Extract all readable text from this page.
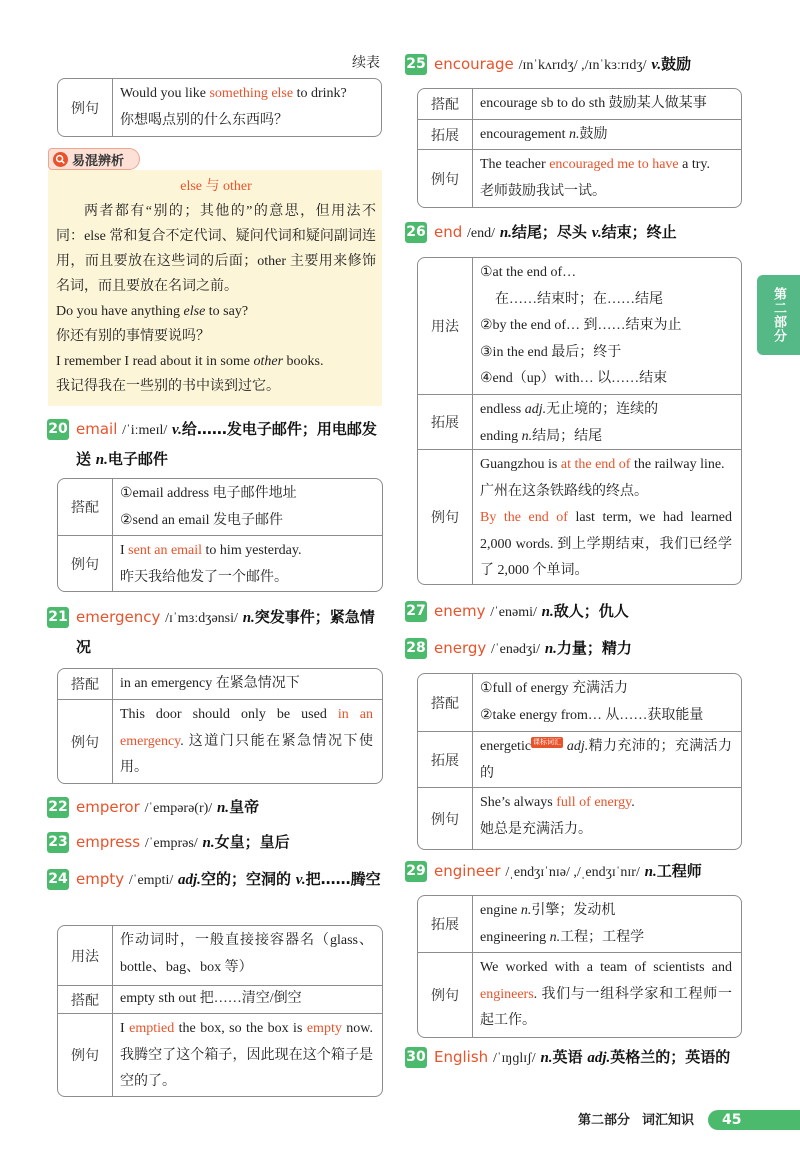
续表
例句
Would you like something else to drink?
你想喝点别的什么东西吗？
易混辨析
else 与 other
两者都有“别的；其他的”的意思，但用法不同：else 常和复合不定代词、疑问代词和疑问副词连用，而且要放在这些词的后面；other 主要用来修饰名词，而且要放在名词之前。
Do you have anything else to say?
你还有别的事情要说吗？
I remember I read about it in some other books.
我记得我在一些别的书中读到过它。
20 email /ˈiːmeɪl/ v.给……发电子邮件；用电邮发送 n.电子邮件
搭配
①email address 电子邮件地址
②send an email 发电子邮件
例句
I sent an email to him yesterday.
昨天我给他发了一个邮件。
21 emergency /ɪˈmɜːdʒənsi/ n.突发事件；紧急情况
搭配	in an emergency 在紧急情况下
例句
This door should only be used in an emergency. 这道门只能在紧急情况下使用。
22 emperor /ˈempərə(r)/ n.皇帝
23 empress /ˈemprəs/ n.女皇；皇后
24 empty /ˈempti/ adj.空的；空洞的 v.把……腾空
用法
作动词时，一般直接接容器名（glass、bottle、bag、box 等）
搭配	empty sth out 把……清空/倒空
例句
I emptied the box, so the box is empty now. 我腾空了这个箱子，因此现在这个箱子是空的了。
25 encourage /ɪnˈkʌrɪdʒ/ ,/ɪnˈkɜːrɪdʒ/ v.鼓励
搭配	encourage sb to do sth 鼓励某人做某事
拓展	encouragement n.鼓励
例句
The teacher encouraged me to have a try.
老师鼓励我试一试。
26 end /end/ n.结尾；尽头 v.结束；终止
用法
①at the end of…
在……结束时；在……结尾
②by the end of… 到……结束为止
③in the end 最后；终于
④end（up）with… 以……结束
拓展
endless adj.无止境的；连续的
ending n.结局；结尾
例句
Guangzhou is at the end of the railway line.
广州在这条铁路线的终点。
By the end of last term, we had learned 2,000 words. 到上学期结束，我们已经学了 2,000 个单词。
27 enemy /ˈenəmi/ n.敌人；仇人
28 energy /ˈenədʒi/ n.力量；精力
搭配
①full of energy 充满活力
②take energy from… 从……获取能量
拓展
energetic 课标词汇 adj.精力充沛的；充满活力的
例句
She’s always full of energy.
她总是充满活力。
29 engineer /ˌendʒɪˈnɪə/ ,/ˌendʒɪˈnɪr/ n.工程师
拓展
engine n.引擎；发动机
engineering n.工程；工程学
例句
We worked with a team of scientists and engineers. 我们与一组科学家和工程师一起工作。
30 English /ˈɪŋɡlɪʃ/ n.英语 adj.英格兰的；英语的
第二部分
第二部分 词汇知识	45
